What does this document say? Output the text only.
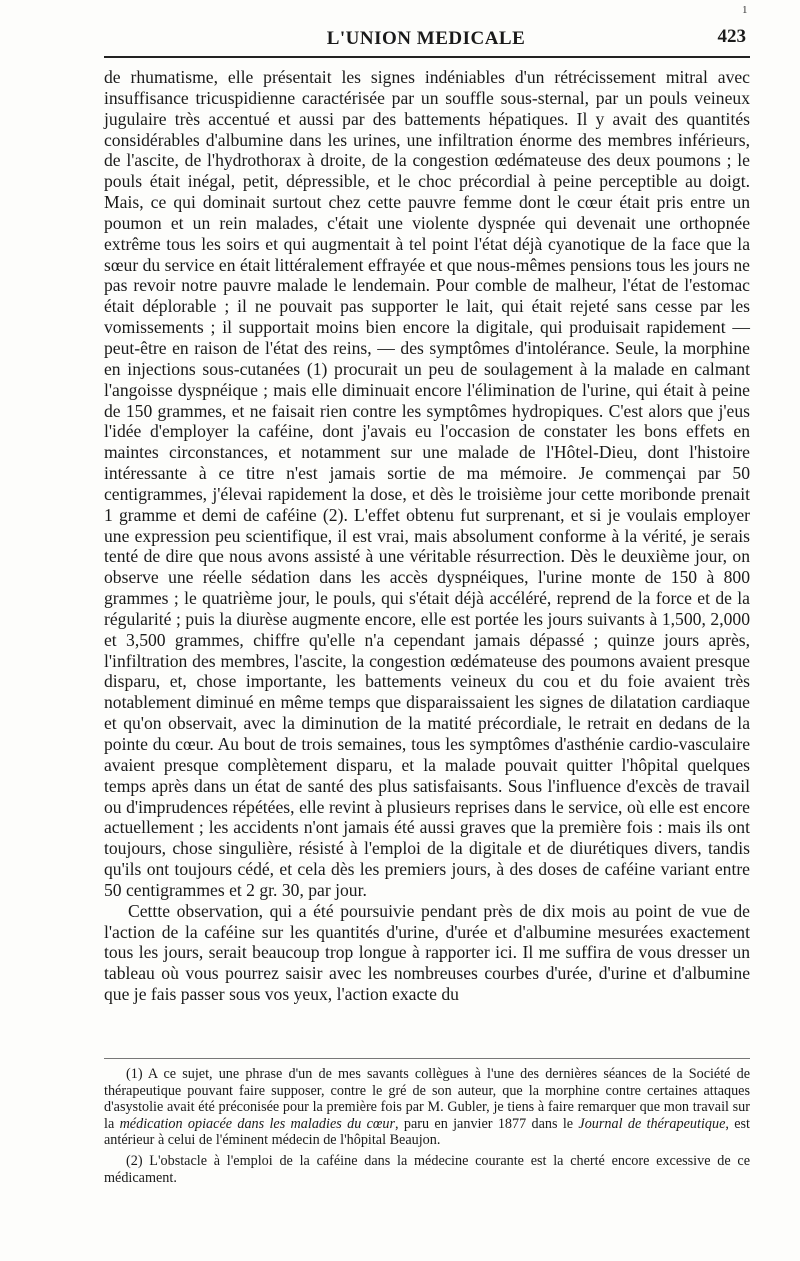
1
L'UNION MEDICALE	423

de rhumatisme, elle présentait les signes indéniables d'un rétrécissement mitral avec insuffisance tricuspidienne caractérisée par un souffle sous-sternal, par un pouls veineux jugulaire très accentué et aussi par des battements hépatiques. Il y avait des quantités considérables d'albumine dans les urines, une infiltration énorme des membres inférieurs, de l'ascite, de l'hydrothorax à droite, de la congestion œdémateuse des deux poumons ; le pouls était inégal, petit, dépressible, et le choc précordial à peine perceptible au doigt. Mais, ce qui dominait surtout chez cette pauvre femme dont le cœur était pris entre un poumon et un rein malades, c'était une violente dyspnée qui devenait une orthopnée extrême tous les soirs et qui augmentait à tel point l'état déjà cyanotique de la face que la sœur du service en était littéralement effrayée et que nous-mêmes pensions tous les jours ne pas revoir notre pauvre malade le lendemain. Pour comble de malheur, l'état de l'estomac était déplorable ; il ne pouvait pas supporter le lait, qui était rejeté sans cesse par les vomissements ; il supportait moins bien encore la digitale, qui produisait rapidement — peut-être en raison de l'état des reins, — des symptômes d'intolérance. Seule, la morphine en injections sous-cutanées (1) procurait un peu de soulagement à la malade en calmant l'angoisse dyspnéique ; mais elle diminuait encore l'élimination de l'urine, qui était à peine de 150 grammes, et ne faisait rien contre les symptômes hydropiques. C'est alors que j'eus l'idée d'employer la caféine, dont j'avais eu l'occasion de constater les bons effets en maintes circonstances, et notamment sur une malade de l'Hôtel-Dieu, dont l'histoire intéressante à ce titre n'est jamais sortie de ma mémoire. Je commençai par 50 centigrammes, j'élevai rapidement la dose, et dès le troisième jour cette moribonde prenait 1 gramme et demi de caféine (2). L'effet obtenu fut surprenant, et si je voulais employer une expression peu scientifique, il est vrai, mais absolument conforme à la vérité, je serais tenté de dire que nous avons assisté à une véritable résurrection. Dès le deuxième jour, on observe une réelle sédation dans les accès dyspnéiques, l'urine monte de 150 à 800 grammes ; le quatrième jour, le pouls, qui s'était déjà accéléré, reprend de la force et de la régularité ; puis la diurèse augmente encore, elle est portée les jours suivants à 1,500, 2,000 et 3,500 grammes, chiffre qu'elle n'a cependant jamais dépassé ; quinze jours après, l'infiltration des membres, l'ascite, la congestion œdémateuse des poumons avaient presque disparu, et, chose importante, les battements veineux du cou et du foie avaient très notablement diminué en même temps que disparaissaient les signes de dilatation cardiaque et qu'on observait, avec la diminution de la matité précordiale, le retrait en dedans de la pointe du cœur. Au bout de trois semaines, tous les symptômes d'asthénie cardio-vasculaire avaient presque complètement disparu, et la malade pouvait quitter l'hôpital quelques temps après dans un état de santé des plus satisfaisants. Sous l'influence d'excès de travail ou d'imprudences répétées, elle revint à plusieurs reprises dans le service, où elle est encore actuellement ; les accidents n'ont jamais été aussi graves que la première fois : mais ils ont toujours, chose singulière, résisté à l'emploi de la digitale et de diurétiques divers, tandis qu'ils ont toujours cédé, et cela dès les premiers jours, à des doses de caféine variant entre 50 centigrammes et 2 gr. 30, par jour.

Cettte observation, qui a été poursuivie pendant près de dix mois au point de vue de l'action de la caféine sur les quantités d'urine, d'urée et d'albumine mesurées exactement tous les jours, serait beaucoup trop longue à rapporter ici. Il me suffira de vous dresser un tableau où vous pourrez saisir avec les nombreuses courbes d'urée, d'urine et d'albumine que je fais passer sous vos yeux, l'action exacte du

(1) A ce sujet, une phrase d'un de mes savants collègues à l'une des dernières séances de la Société de thérapeutique pouvant faire supposer, contre le gré de son auteur, que la morphine contre certaines attaques d'asystolie avait été préconisée pour la première fois par M. Gubler, je tiens à faire remarquer que mon travail sur la médication opiacée dans les maladies du cœur, paru en janvier 1877 dans le Journal de thérapeutique, est antérieur à celui de l'éminent médecin de l'hôpital Beaujon.

(2) L'obstacle à l'emploi de la caféine dans la médecine courante est la cherté encore excessive de ce médicament.
